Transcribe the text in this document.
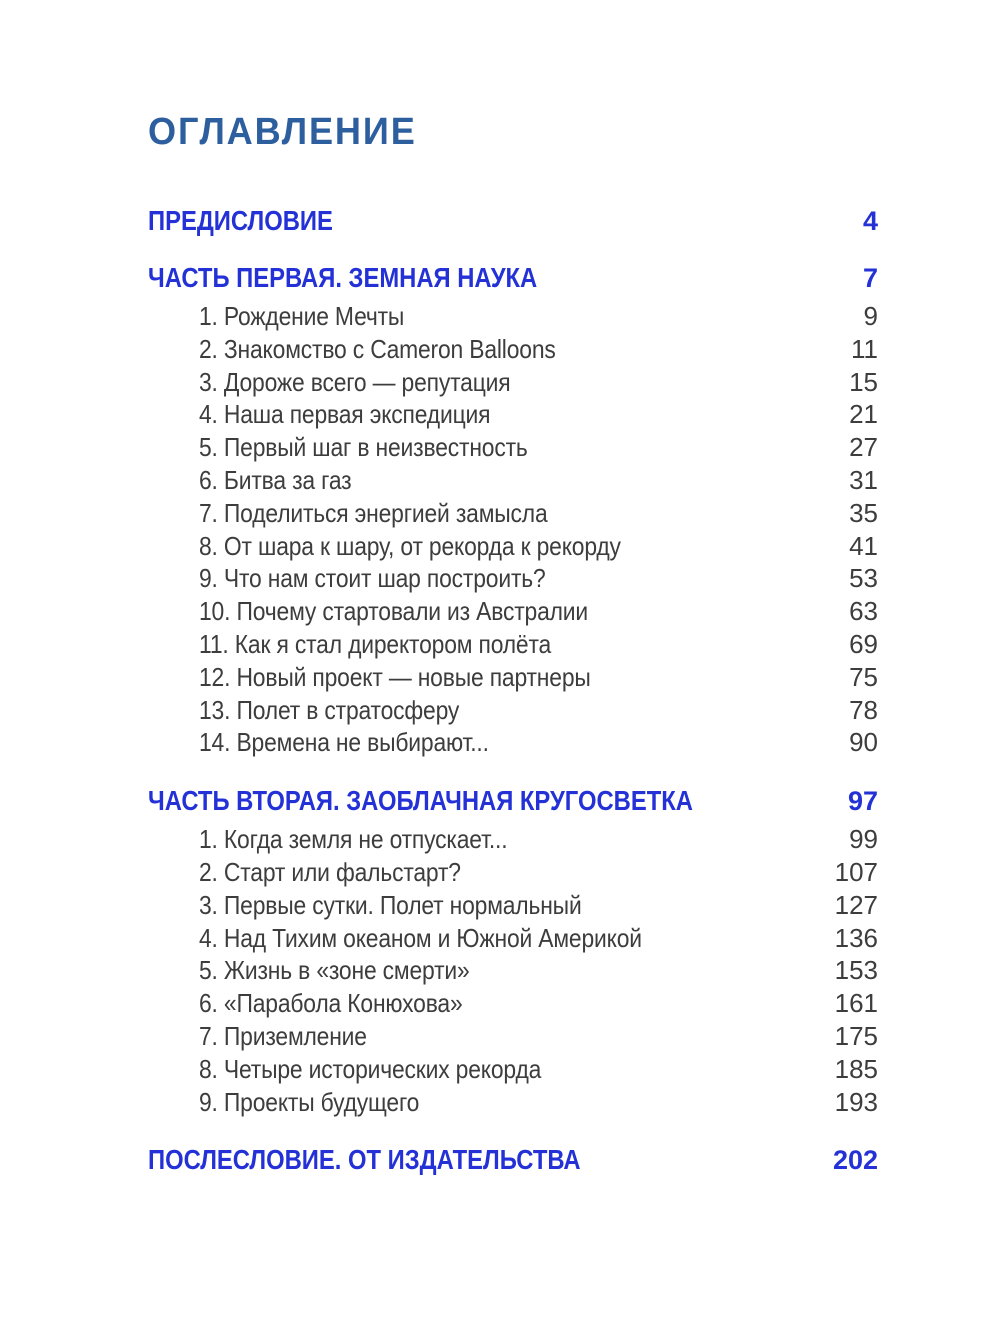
ОГЛАВЛЕНИЕ
ПРЕДИСЛОВИЕ	4
ЧАСТЬ ПЕРВАЯ. ЗЕМНАЯ НАУКА	7
1. Рождение Мечты	9
2. Знакомство с Cameron Balloons	11
3. Дороже всего — репутация	15
4. Наша первая экспедиция	21
5. Первый шаг в неизвестность	27
6. Битва за газ	31
7. Поделиться энергией замысла	35
8. От шара к шару, от рекорда к рекорду	41
9. Что нам стоит шар построить?	53
10. Почему стартовали из Австралии	63
11. Как я стал директором полёта	69
12. Новый проект — новые партнеры	75
13. Полет в стратосферу	78
14. Времена не выбирают...	90
ЧАСТЬ ВТОРАЯ. ЗАОБЛАЧНАЯ КРУГОСВЕТКА	97
1. Когда земля не отпускает...	99
2. Старт или фальстарт?	107
3. Первые сутки. Полет нормальный	127
4. Над Тихим океаном и Южной Америкой	136
5. Жизнь в «зоне смерти»	153
6. «Парабола Конюхова»	161
7. Приземление	175
8. Четыре исторических рекорда	185
9. Проекты будущего	193
ПОСЛЕСЛОВИЕ. ОТ ИЗДАТЕЛЬСТВА	202
